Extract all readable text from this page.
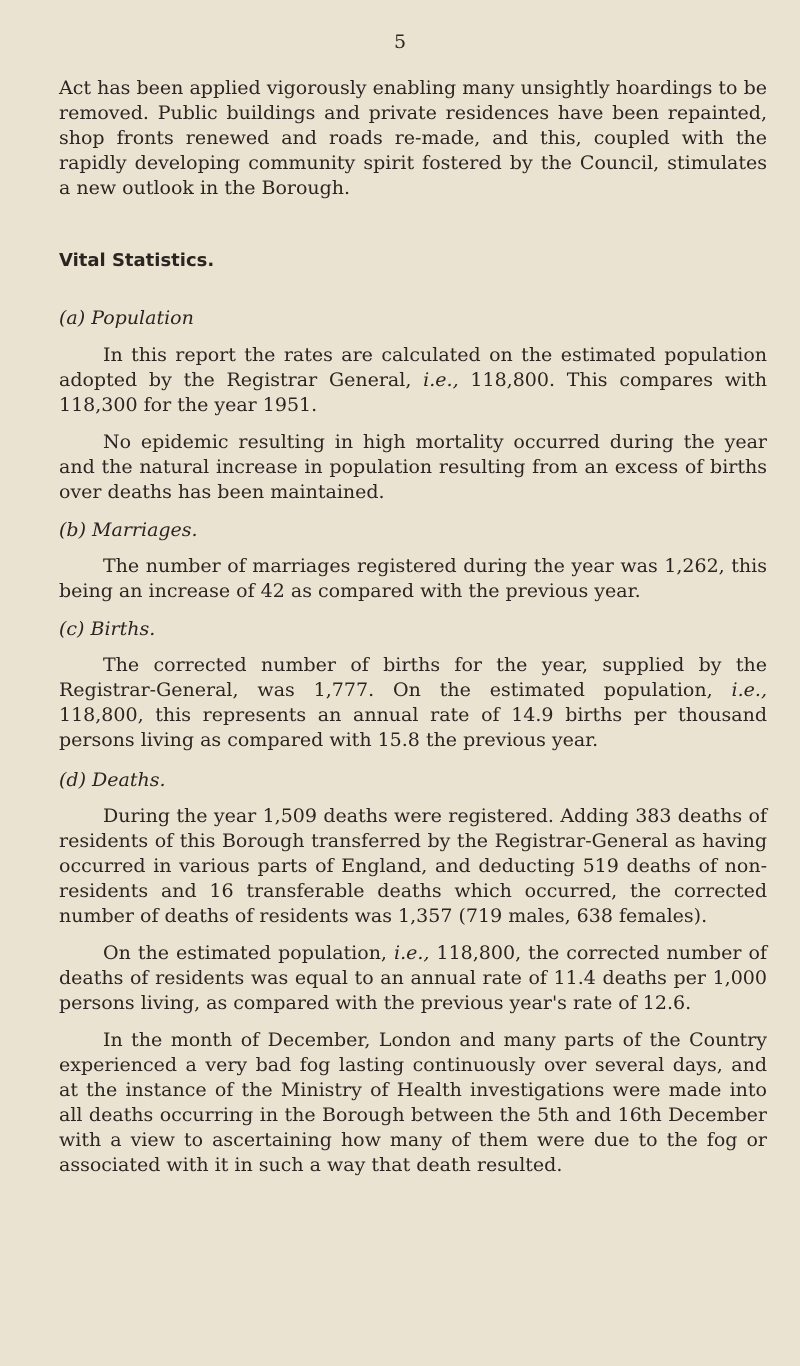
5

Act has been applied vigorously enabling many unsightly hoardings to be removed. Public buildings and private residences have been repainted, shop fronts renewed and roads re-made, and this, coupled with the rapidly developing community spirit fostered by the Council, stimulates a new outlook in the Borough.

Vital Statistics.
(a) Population

In this report the rates are calculated on the estimated population adopted by the Registrar General, i.e., 118,800. This compares with 118,300 for the year 1951.

No epidemic resulting in high mortality occurred during the year and the natural increase in population resulting from an excess of births over deaths has been maintained.

(b) Marriages.

The number of marriages registered during the year was 1,262, this being an increase of 42 as compared with the previous year.

(c) Births.

The corrected number of births for the year, supplied by the Registrar-General, was 1,777. On the estimated population, i.e., 118,800, this represents an annual rate of 14.9 births per thousand persons living as compared with 15.8 the previous year.

(d) Deaths.

During the year 1,509 deaths were registered. Adding 383 deaths of residents of this Borough transferred by the Registrar-General as having occurred in various parts of England, and deducting 519 deaths of non-residents and 16 transferable deaths which occurred, the corrected number of deaths of residents was 1,357 (719 males, 638 females).

On the estimated population, i.e., 118,800, the corrected number of deaths of residents was equal to an annual rate of 11.4 deaths per 1,000 persons living, as compared with the previous year's rate of 12.6.

In the month of December, London and many parts of the Country experienced a very bad fog lasting continuously over several days, and at the instance of the Ministry of Health investigations were made into all deaths occurring in the Borough between the 5th and 16th December with a view to ascertaining how many of them were due to the fog or associated with it in such a way that death resulted.
